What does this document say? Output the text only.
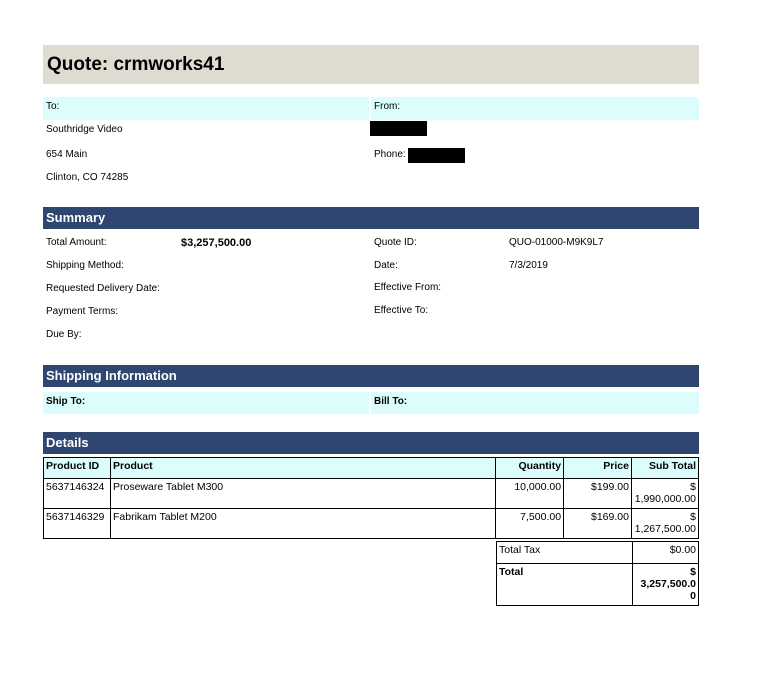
Quote: crmworks41
To:	From:
Southridge Video
654 Main
Clinton, CO 74285
Phone:
Summary
Total Amount:	$3,257,500.00
Shipping Method:
Requested Delivery Date:
Payment Terms:
Due By:
Quote ID:	QUO-01000-M9K9L7
Date:	7/3/2019
Effective From:
Effective To:
Shipping Information
Ship To:	Bill To:
Details
Product ID	Product	Quantity	Price	Sub Total
5637146324	Proseware Tablet M300	10,000.00	$199.00	$
1,990,000.00

5637146329	Fabrikam Tablet M200	7,500.00	$169.00	$
1,267,500.00
Total Tax	$0.00
Total	$
3,257,500.0
0
